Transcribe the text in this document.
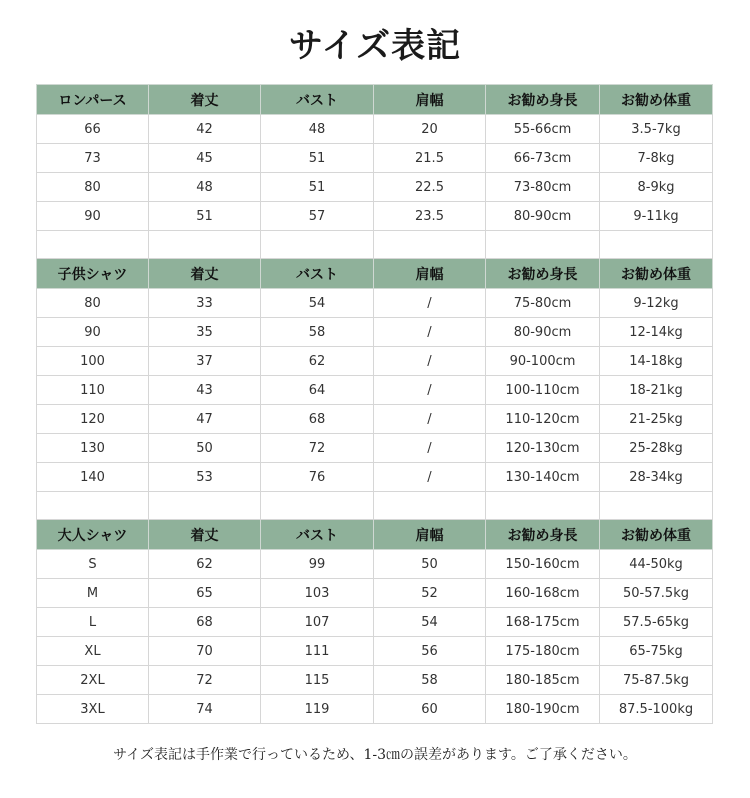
サイズ表記
ロンパース	着丈	バスト	肩幅	お勧め身長	お勧め体重
66	42	48	20	55-66cm	3.5-7kg
73	45	51	21.5	66-73cm	7-8kg
80	48	51	22.5	73-80cm	8-9kg
90	51	57	23.5	80-90cm	9-11kg

子供シャツ	着丈	バスト	肩幅	お勧め身長	お勧め体重
80	33	54	/	75-80cm	9-12kg
90	35	58	/	80-90cm	12-14kg
100	37	62	/	90-100cm	14-18kg
110	43	64	/	100-110cm	18-21kg
120	47	68	/	110-120cm	21-25kg
130	50	72	/	120-130cm	25-28kg
140	53	76	/	130-140cm	28-34kg

大人シャツ	着丈	バスト	肩幅	お勧め身長	お勧め体重
S	62	99	50	150-160cm	44-50kg
M	65	103	52	160-168cm	50-57.5kg
L	68	107	54	168-175cm	57.5-65kg
XL	70	111	56	175-180cm	65-75kg
2XL	72	115	58	180-185cm	75-87.5kg
3XL	74	119	60	180-190cm	87.5-100kg
サイズ表記は手作業で行っているため、1-3㎝の誤差があります。ご了承ください。
